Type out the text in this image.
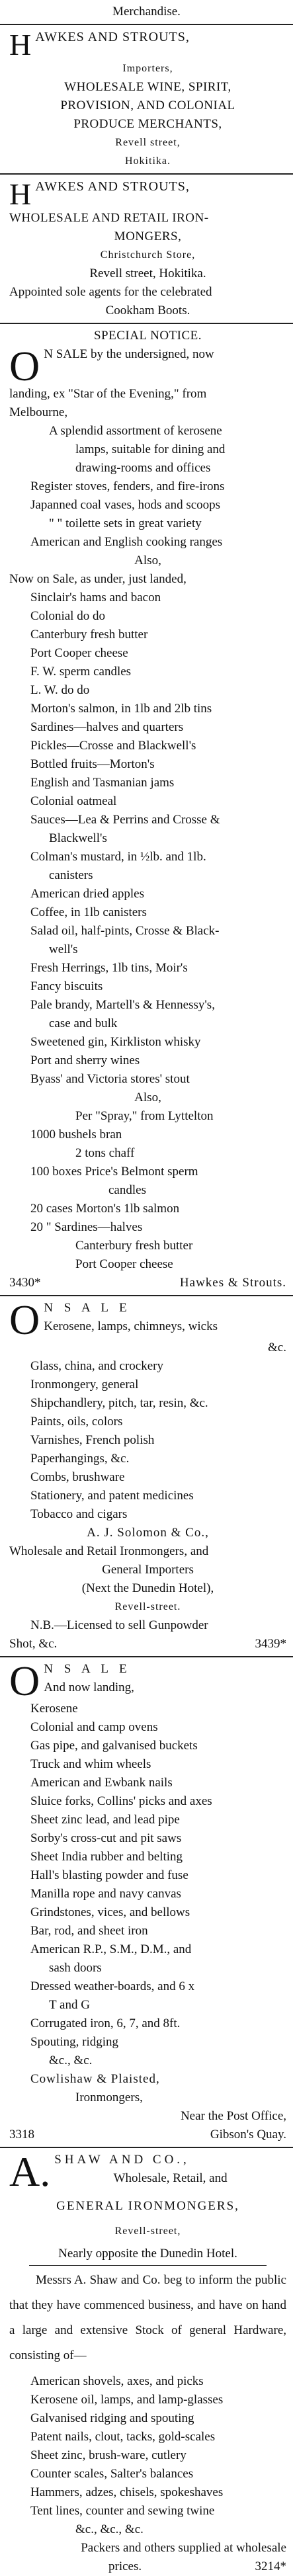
Merchandise.
H AWKES AND STROUTS,
Importers,
WHOLESALE WINE, SPIRIT,
PROVISION, AND COLONIAL
PRODUCE MERCHANTS,
Revell street,
Hokitika.
H AWKES AND STROUTS,
WHOLESALE AND RETAIL IRON-
MONGERS,
Christchurch Store,
Revell street, Hokitika.
Appointed sole agents for the celebrated
Cookham Boots.
SPECIAL NOTICE.
O N SALE by the undersigned, now
landing, ex "Star of the Evening," from
Melbourne,
A splendid assortment of kerosene
lamps, suitable for dining and
drawing-rooms and offices
Register stoves, fenders, and fire-irons
Japanned coal vases, hods and scoops
" " toilette sets in great variety
American and English cooking ranges
Also,
Now on Sale, as under, just landed,
Sinclair's hams and bacon
Colonial do do
Canterbury fresh butter
Port Cooper cheese
F. W. sperm candles
L. W. do do
Morton's salmon, in 1lb and 2lb tins
Sardines—halves and quarters
Pickles—Crosse and Blackwell's
Bottled fruits—Morton's
English and Tasmanian jams
Colonial oatmeal
Sauces—Lea & Perrins and Crosse &
Blackwell's
Colman's mustard, in ½lb. and 1lb.
canisters
American dried apples
Coffee, in 1lb canisters
Salad oil, half-pints, Crosse & Black-
well's
Fresh Herrings, 1lb tins, Moir's
Fancy biscuits
Pale brandy, Martell's & Hennessy's,
case and bulk
Sweetened gin, Kirkliston whisky
Port and sherry wines
Byass' and Victoria stores' stout
Also,
Per "Spray," from Lyttelton
1000 bushels bran
2 tons chaff
100 boxes Price's Belmont sperm
candles
20 cases Morton's 1lb salmon
20 " Sardines—halves
Canterbury fresh butter
Port Cooper cheese
3430*	Hawkes & Strouts.
O N S A L E
Kerosene, lamps, chimneys, wicks
&c.
Glass, china, and crockery
Ironmongery, general
Shipchandlery, pitch, tar, resin, &c.
Paints, oils, colors
Varnishes, French polish
Paperhangings, &c.
Combs, brushware
Stationery, and patent medicines
Tobacco and cigars
A. J. Solomon & Co.,
Wholesale and Retail Ironmongers, and
General Importers
(Next the Dunedin Hotel),
Revell-street.
N.B.—Licensed to sell Gunpowder
Shot, &c.	3439*
O N S A L E
And now landing,
Kerosene
Colonial and camp ovens
Gas pipe, and galvanised buckets
Truck and whim wheels
American and Ewbank nails
Sluice forks, Collins' picks and axes
Sheet zinc lead, and lead pipe
Sorby's cross-cut and pit saws
Sheet India rubber and belting
Hall's blasting powder and fuse
Manilla rope and navy canvas
Grindstones, vices, and bellows
Bar, rod, and sheet iron
American R.P., S.M., D.M., and
sash doors
Dressed weather-boards, and 6 x
T and G
Corrugated iron, 6, 7, and 8ft.
Spouting, ridging
&c., &c.
Cowlishaw & Plaisted,
Ironmongers,
Near the Post Office,
3318	Gibson's Quay.
A. SHAW AND CO.,
Wholesale, Retail, and
GENERAL IRONMONGERS,
Revell-street,
Nearly opposite the Dunedin Hotel.
Messrs A. Shaw and Co. beg to inform the public that they have commenced business, and have on hand a large and extensive Stock of general Hardware, consisting of—
American shovels, axes, and picks
Kerosene oil, lamps, and lamp-glasses
Galvanised ridging and spouting
Patent nails, clout, tacks, gold-scales
Sheet zinc, brush-ware, cutlery
Counter scales, Salter's balances
Hammers, adzes, chisels, spokeshaves
Tent lines, counter and sewing twine
&c., &c., &c.
Packers and others supplied at wholesale
prices.	3214*
